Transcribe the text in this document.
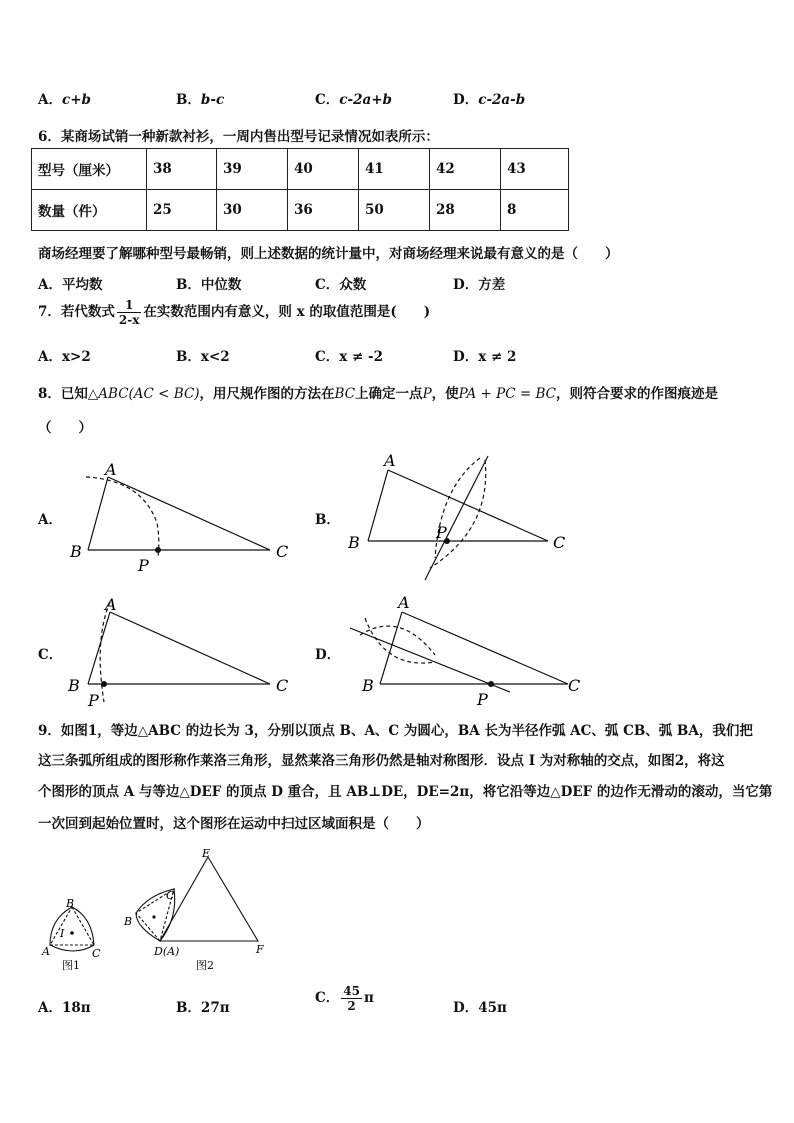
A．c+b	B．b-c	C．c-2a+b	D．c-2a-b
6．某商场试销一种新款衬衫，一周内售出型号记录情况如表所示：
型号（厘米）	38	39	40	41	42	43
数量（件）	25	30	36	50	28	8
商场经理要了解哪种型号最畅销，则上述数据的统计量中，对商场经理来说最有意义的是（　　）
A．平均数	B．中位数	C．众数	D．方差
7．若代数式 $\frac{1}{2-x}$ 在实数范围内有意义，则 x 的取值范围是(　　)
A．x>2	B．x<2	C．x ≠ -2	D．x ≠ 2
8．已知△ABC(AC < BC)，用尺规作图的方法在BC上确定一点P，使PA + PC = BC，则符合要求的作图痕迹是
（　　）
A．	B．
C．	D．
A
B	C
P
A
B	C
P
A
B	C
P
A
B	C
P
9．如图1，等边△ABC 的边长为 3，分别以顶点 B、A、C 为圆心，BA 长为半径作弧 AC、弧 CB、弧 BA，我们把
这三条弧所组成的图形称作莱洛三角形，显然莱洛三角形仍然是轴对称图形．设点 I 为对称轴的交点，如图2，将这
个图形的顶点 A 与等边△DEF 的顶点 D 重合，且 AB⊥DE，DE=2π，将它沿等边△DEF 的边作无滑动的滚动，当它第
一次回到起始位置时，这个图形在运动中扫过区域面积是（　　）
B
I
A	C
图1
E
C
B
D(A)	F
图2
A．18π	B．27π
C． $\frac{45}{2}$ π
D．45π
